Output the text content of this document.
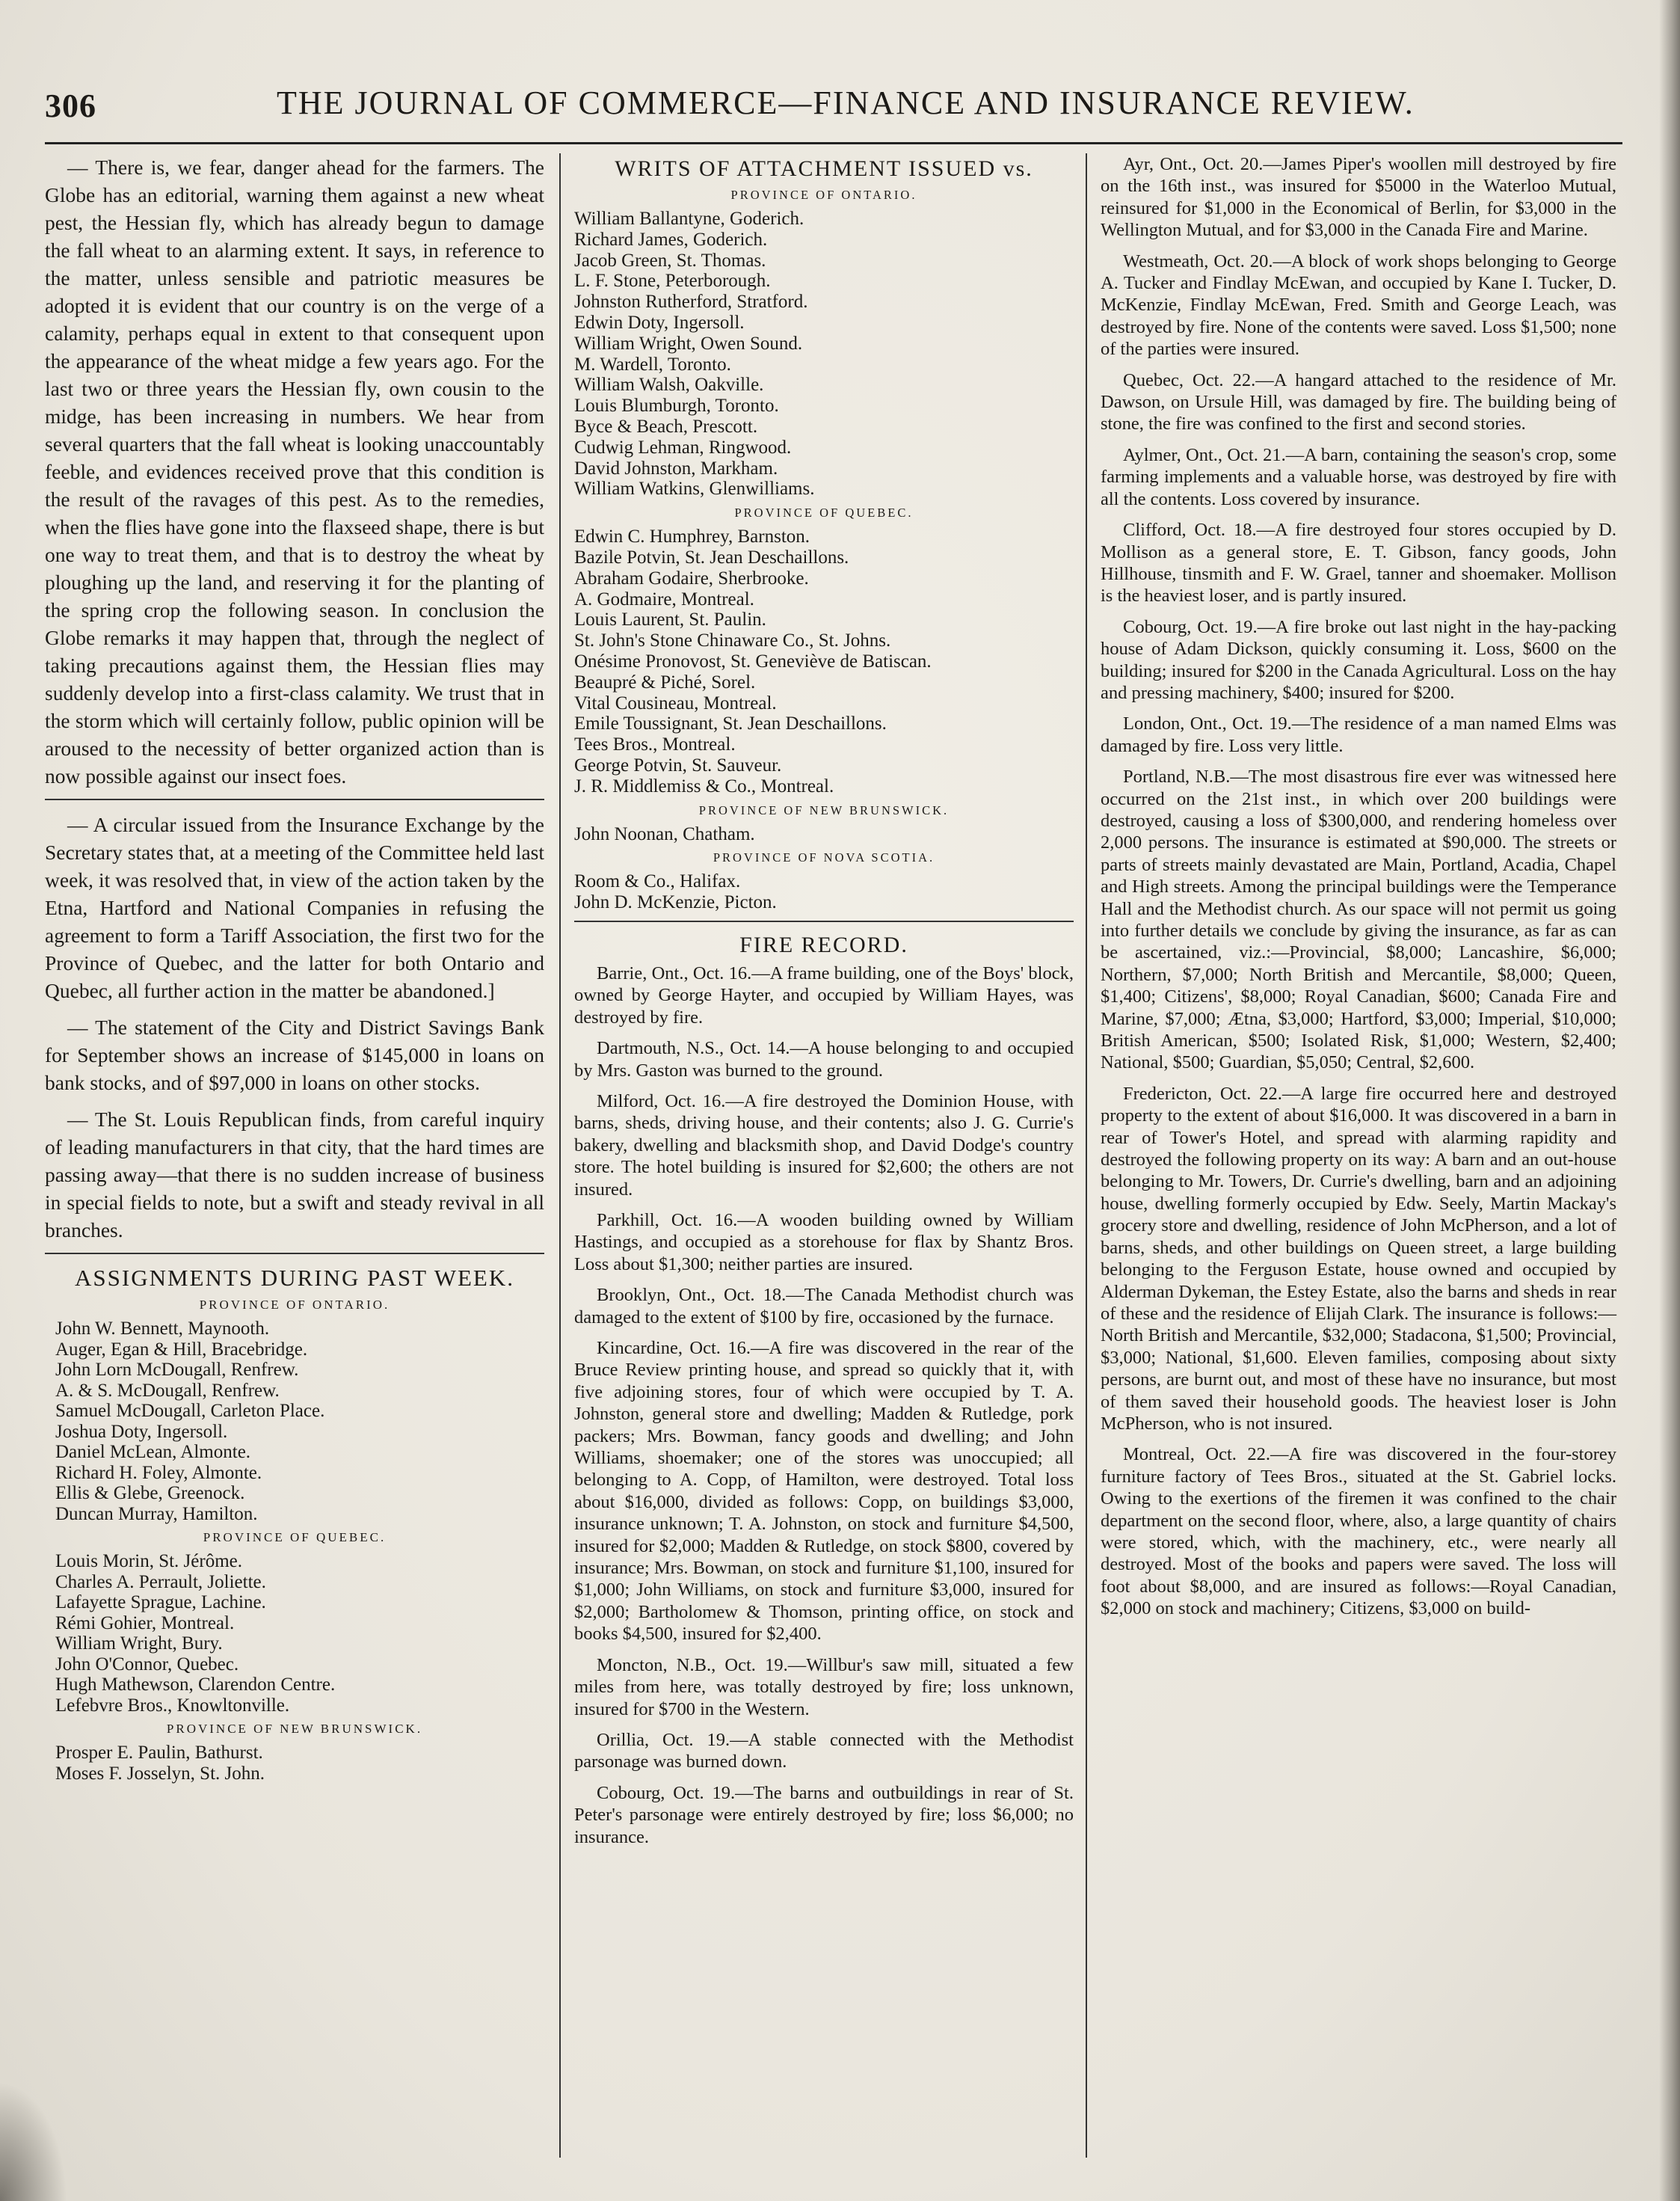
306	THE JOURNAL OF COMMERCE—FINANCE AND INSURANCE REVIEW.

— There is, we fear, danger ahead for the farmers. The Globe has an editorial, warning them against a new wheat pest, the Hessian fly, which has already begun to damage the fall wheat to an alarming extent. It says, in reference to the matter, unless sensible and patriotic measures be adopted it is evident that our country is on the verge of a calamity, perhaps equal in extent to that consequent upon the appearance of the wheat midge a few years ago. For the last two or three years the Hessian fly, own cousin to the midge, has been increasing in numbers. We hear from several quarters that the fall wheat is looking unaccountably feeble, and evidences received prove that this condition is the result of the ravages of this pest. As to the remedies, when the flies have gone into the flaxseed shape, there is but one way to treat them, and that is to destroy the wheat by ploughing up the land, and reserving it for the planting of the spring crop the following season. In conclusion the Globe remarks it may happen that, through the neglect of taking precautions against them, the Hessian flies may suddenly develop into a first-class calamity. We trust that in the storm which will certainly follow, public opinion will be aroused to the necessity of better organized action than is now possible against our insect foes.

— A circular issued from the Insurance Exchange by the Secretary states that, at a meeting of the Committee held last week, it was resolved that, in view of the action taken by the Etna, Hartford and National Companies in refusing the agreement to form a Tariff Association, the first two for the Province of Quebec, and the latter for both Ontario and Quebec, all further action in the matter be abandoned.]

— The statement of the City and District Savings Bank for September shows an increase of $145,000 in loans on bank stocks, and of $97,000 in loans on other stocks.

— The St. Louis Republican finds, from careful inquiry of leading manufacturers in that city, that the hard times are passing away—that there is no sudden increase of business in special fields to note, but a swift and steady revival in all branches.

ASSIGNMENTS DURING PAST WEEK.
PROVINCE OF ONTARIO.
John W. Bennett, Maynooth.
Auger, Egan & Hill, Bracebridge.
John Lorn McDougall, Renfrew.
A. & S. McDougall, Renfrew.
Samuel McDougall, Carleton Place.
Joshua Doty, Ingersoll.
Daniel McLean, Almonte.
Richard H. Foley, Almonte.
Ellis & Glebe, Greenock.
Duncan Murray, Hamilton.
PROVINCE OF QUEBEC.
Louis Morin, St. Jérôme.
Charles A. Perrault, Joliette.
Lafayette Sprague, Lachine.
Rémi Gohier, Montreal.
William Wright, Bury.
John O'Connor, Quebec.
Hugh Mathewson, Clarendon Centre.
Lefebvre Bros., Knowltonville.
PROVINCE OF NEW BRUNSWICK.
Prosper E. Paulin, Bathurst.
Moses F. Josselyn, St. John.
WRITS OF ATTACHMENT ISSUED vs.
PROVINCE OF ONTARIO.
William Ballantyne, Goderich.
Richard James, Goderich.
Jacob Green, St. Thomas.
L. F. Stone, Peterborough.
Johnston Rutherford, Stratford.
Edwin Doty, Ingersoll.
William Wright, Owen Sound.
M. Wardell, Toronto.
William Walsh, Oakville.
Louis Blumburgh, Toronto.
Byce & Beach, Prescott.
Cudwig Lehman, Ringwood.
David Johnston, Markham.
William Watkins, Glenwilliams.
PROVINCE OF QUEBEC.
Edwin C. Humphrey, Barnston.
Bazile Potvin, St. Jean Deschaillons.
Abraham Godaire, Sherbrooke.
A. Godmaire, Montreal.
Louis Laurent, St. Paulin.
St. John's Stone Chinaware Co., St. Johns.
Onésime Pronovost, St. Geneviève de Batiscan.
Beaupré & Piché, Sorel.
Vital Cousineau, Montreal.
Emile Toussignant, St. Jean Deschaillons.
Tees Bros., Montreal.
George Potvin, St. Sauveur.
J. R. Middlemiss & Co., Montreal.
PROVINCE OF NEW BRUNSWICK.
John Noonan, Chatham.
PROVINCE OF NOVA SCOTIA.
Room & Co., Halifax.
John D. McKenzie, Picton.
FIRE RECORD.

Barrie, Ont., Oct. 16.—A frame building, one of the Boys' block, owned by George Hayter, and occupied by William Hayes, was destroyed by fire.

Dartmouth, N.S., Oct. 14.—A house belonging to and occupied by Mrs. Gaston was burned to the ground.

Milford, Oct. 16.—A fire destroyed the Dominion House, with barns, sheds, driving house, and their contents; also J. G. Currie's bakery, dwelling and blacksmith shop, and David Dodge's country store. The hotel building is insured for $2,600; the others are not insured.

Parkhill, Oct. 16.—A wooden building owned by William Hastings, and occupied as a storehouse for flax by Shantz Bros. Loss about $1,300; neither parties are insured.

Brooklyn, Ont., Oct. 18.—The Canada Methodist church was damaged to the extent of $100 by fire, occasioned by the furnace.

Kincardine, Oct. 16.—A fire was discovered in the rear of the Bruce Review printing house, and spread so quickly that it, with five adjoining stores, four of which were occupied by T. A. Johnston, general store and dwelling; Madden & Rutledge, pork packers; Mrs. Bowman, fancy goods and dwelling; and John Williams, shoemaker; one of the stores was unoccupied; all belonging to A. Copp, of Hamilton, were destroyed. Total loss about $16,000, divided as follows: Copp, on buildings $3,000, insurance unknown; T. A. Johnston, on stock and furniture $4,500, insured for $2,000; Madden & Rutledge, on stock $800, covered by insurance; Mrs. Bowman, on stock and furniture $1,100, insured for $1,000; John Williams, on stock and furniture $3,000, insured for $2,000; Bartholomew & Thomson, printing office, on stock and books $4,500, insured for $2,400.

Moncton, N.B., Oct. 19.—Willbur's saw mill, situated a few miles from here, was totally destroyed by fire; loss unknown, insured for $700 in the Western.

Orillia, Oct. 19.—A stable connected with the Methodist parsonage was burned down.

Cobourg, Oct. 19.—The barns and outbuildings in rear of St. Peter's parsonage were entirely destroyed by fire; loss $6,000; no insurance.

Ayr, Ont., Oct. 20.—James Piper's woollen mill destroyed by fire on the 16th inst., was insured for $5000 in the Waterloo Mutual, reinsured for $1,000 in the Economical of Berlin, for $3,000 in the Wellington Mutual, and for $3,000 in the Canada Fire and Marine.

Westmeath, Oct. 20.—A block of work shops belonging to George A. Tucker and Findlay McEwan, and occupied by Kane I. Tucker, D. McKenzie, Findlay McEwan, Fred. Smith and George Leach, was destroyed by fire. None of the contents were saved. Loss $1,500; none of the parties were insured.

Quebec, Oct. 22.—A hangard attached to the residence of Mr. Dawson, on Ursule Hill, was damaged by fire. The building being of stone, the fire was confined to the first and second stories.

Aylmer, Ont., Oct. 21.—A barn, containing the season's crop, some farming implements and a valuable horse, was destroyed by fire with all the contents. Loss covered by insurance.

Clifford, Oct. 18.—A fire destroyed four stores occupied by D. Mollison as a general store, E. T. Gibson, fancy goods, John Hillhouse, tinsmith and F. W. Grael, tanner and shoemaker. Mollison is the heaviest loser, and is partly insured.

Cobourg, Oct. 19.—A fire broke out last night in the hay-packing house of Adam Dickson, quickly consuming it. Loss, $600 on the building; insured for $200 in the Canada Agricultural. Loss on the hay and pressing machinery, $400; insured for $200.

London, Ont., Oct. 19.—The residence of a man named Elms was damaged by fire. Loss very little.

Portland, N.B.—The most disastrous fire ever was witnessed here occurred on the 21st inst., in which over 200 buildings were destroyed, causing a loss of $300,000, and rendering homeless over 2,000 persons. The insurance is estimated at $90,000. The streets or parts of streets mainly devastated are Main, Portland, Acadia, Chapel and High streets. Among the principal buildings were the Temperance Hall and the Methodist church. As our space will not permit us going into further details we conclude by giving the insurance, as far as can be ascertained, viz.:—Provincial, $8,000; Lancashire, $6,000; Northern, $7,000; North British and Mercantile, $8,000; Queen, $1,400; Citizens', $8,000; Royal Canadian, $600; Canada Fire and Marine, $7,000; Ætna, $3,000; Hartford, $3,000; Imperial, $10,000; British American, $500; Isolated Risk, $1,000; Western, $2,400; National, $500; Guardian, $5,050; Central, $2,600.

Fredericton, Oct. 22.—A large fire occurred here and destroyed property to the extent of about $16,000. It was discovered in a barn in rear of Tower's Hotel, and spread with alarming rapidity and destroyed the following property on its way: A barn and an out-house belonging to Mr. Towers, Dr. Currie's dwelling, barn and an adjoining house, dwelling formerly occupied by Edw. Seely, Martin Mackay's grocery store and dwelling, residence of John McPherson, and a lot of barns, sheds, and other buildings on Queen street, a large building belonging to the Ferguson Estate, house owned and occupied by Alderman Dykeman, the Estey Estate, also the barns and sheds in rear of these and the residence of Elijah Clark. The insurance is follows:—North British and Mercantile, $32,000; Stadacona, $1,500; Provincial, $3,000; National, $1,600. Eleven families, composing about sixty persons, are burnt out, and most of these have no insurance, but most of them saved their household goods. The heaviest loser is John McPherson, who is not insured.

Montreal, Oct. 22.—A fire was discovered in the four-storey furniture factory of Tees Bros., situated at the St. Gabriel locks. Owing to the exertions of the firemen it was confined to the chair department on the second floor, where, also, a large quantity of chairs were stored, which, with the machinery, etc., were nearly all destroyed. Most of the books and papers were saved. The loss will foot about $8,000, and are insured as follows:—Royal Canadian, $2,000 on stock and machinery; Citizens, $3,000 on build-
